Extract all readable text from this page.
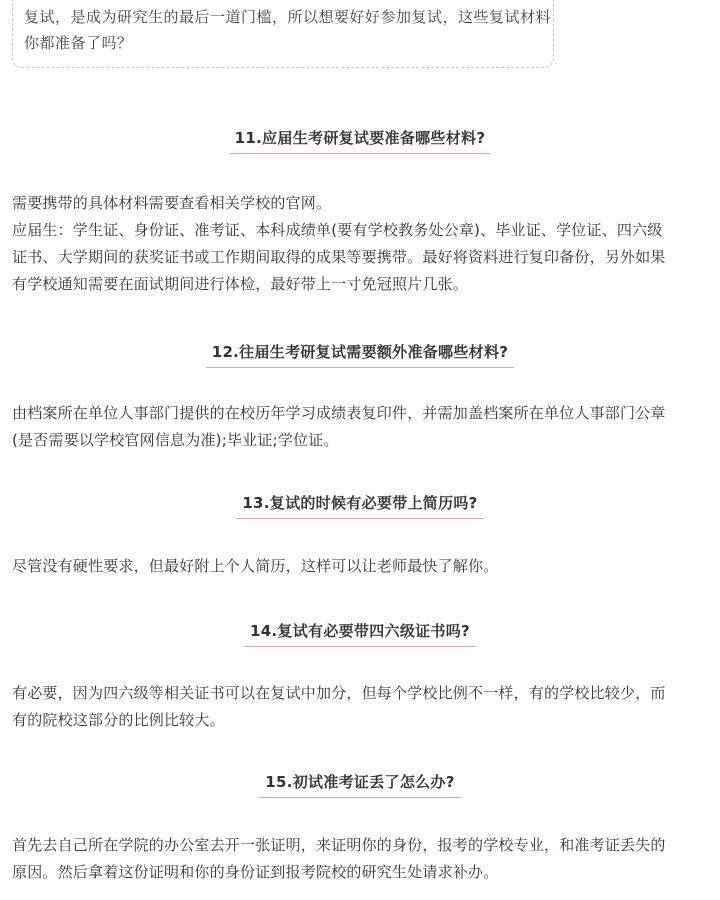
复试，是成为研究生的最后一道门槛，所以想要好好参加复试，这些复试材料你都准备了吗？
11.应届生考研复试要准备哪些材料?

需要携带的具体材料需要查看相关学校的官网。

应届生：学生证、身份证、准考证、本科成绩单(要有学校教务处公章)、毕业证、学位证、四六级证书、大学期间的获奖证书或工作期间取得的成果等要携带。最好将资料进行复印备份，另外如果有学校通知需要在面试期间进行体检，最好带上一寸免冠照片几张。

12.往届生考研复试需要额外准备哪些材料?

由档案所在单位人事部门提供的在校历年学习成绩表复印件，并需加盖档案所在单位人事部门公章(是否需要以学校官网信息为准);毕业证;学位证。

13.复试的时候有必要带上简历吗?

尽管没有硬性要求，但最好附上个人简历，这样可以让老师最快了解你。

14.复试有必要带四六级证书吗?

有必要，因为四六级等相关证书可以在复试中加分，但每个学校比例不一样，有的学校比较少，而有的院校这部分的比例比较大。

15.初试准考证丢了怎么办?

首先去自己所在学院的办公室去开一张证明，来证明你的身份，报考的学校专业，和准考证丢失的原因。然后拿着这份证明和你的身份证到报考院校的研究生处请求补办。
